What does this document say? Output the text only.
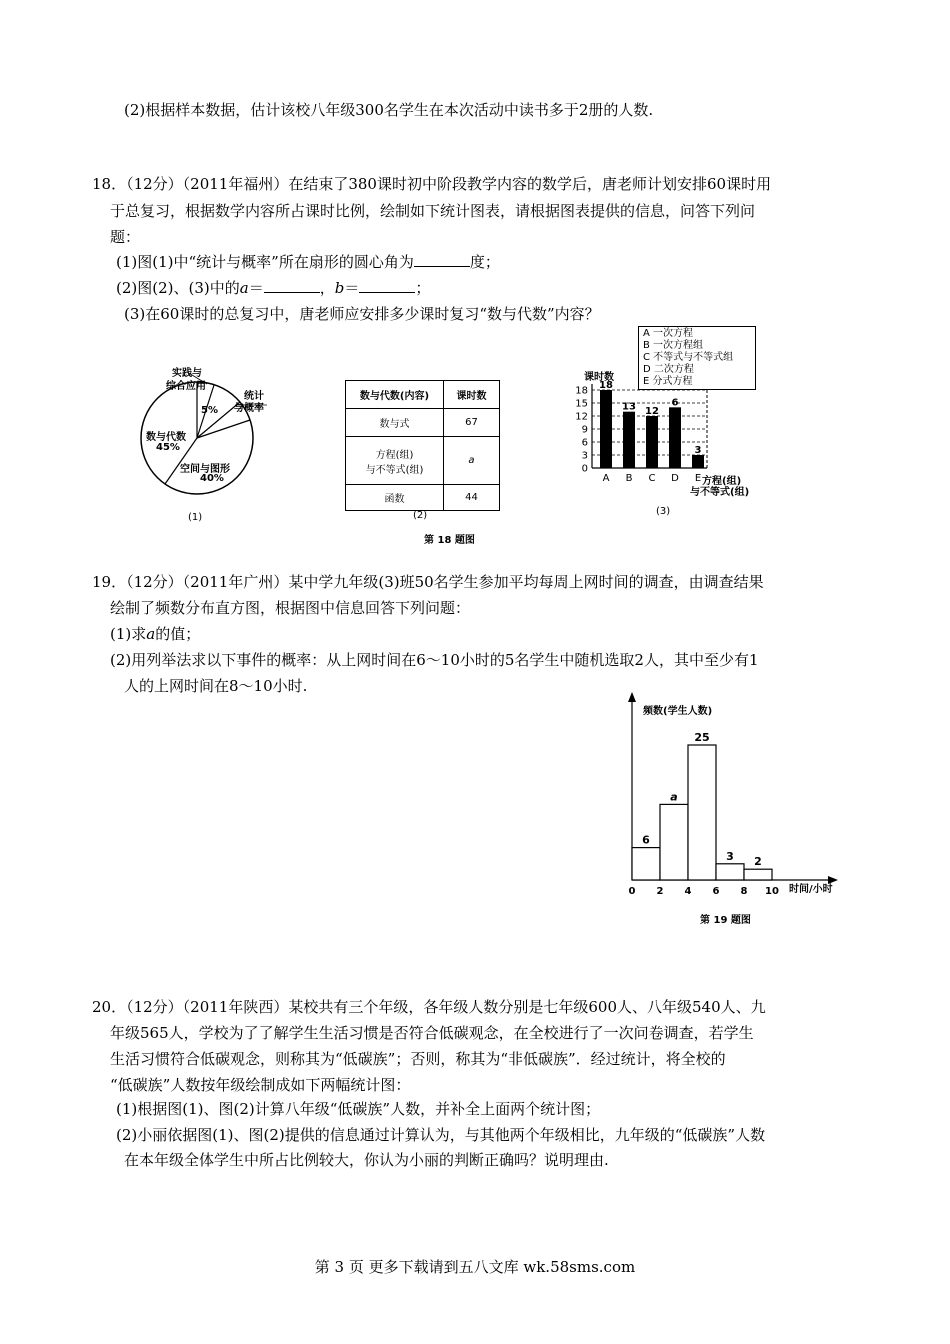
(2)根据样本数据，估计该校八年级300名学生在本次活动中读书多于2册的人数.
18．（12分）（2011年福州）在结束了380课时初中阶段教学内容的数学后，唐老师计划安排60课时用
于总复习，根据数学内容所占课时比例，绘制如下统计图表，请根据图表提供的信息，问答下列问
题：
(1)图(1)中“统计与概率”所在扇形的圆心角为	度；
(2)图(2)、(3)中的a＝	，b＝	；
(3)在60课时的总复习中，唐老师应安排多少课时复习“数与代数”内容？
实践与
综合应用
统计
与概率
5%
数与代数
45%
空间与图形
40%
(1)
数与代数(内容)	课时数
数与式	67

方程(组)
与不等式(组)	a
函数	44
(2)
A 一次方程
B 一次方程组
C 不等式与不等式组
D 二次方程
E 分式方程
课时数
0
3
6
9
12
15
18 18
A
13
B
12
C
6
D
3
E 方程(组)
与不等式(组)
(3)
第 18 题图
19．（12分）（2011年广州）某中学九年级(3)班50名学生参加平均每周上网时间的调查，由调查结果
绘制了频数分布直方图，根据图中信息回答下列问题：
(1)求a的值；
(2)用列举法求以下事件的概率：从上网时间在6～10小时的5名学生中随机选取2人，其中至少有1
人的上网时间在8～10小时.
6
a
25
3 2
0 2 4 6 8 10
频数(学生人数)
时间/小时
第 19 题图
20．（12分）（2011年陕西）某校共有三个年级，各年级人数分别是七年级600人、八年级540人、九
年级565人，学校为了了解学生生活习惯是否符合低碳观念，在全校进行了一次问卷调查，若学生
生活习惯符合低碳观念，则称其为“低碳族”；否则，称其为“非低碳族”．经过统计，将全校的
“低碳族”人数按年级绘制成如下两幅统计图：
(1)根据图(1)、图(2)计算八年级“低碳族”人数，并补全上面两个统计图；
(2)小丽依据图(1)、图(2)提供的信息通过计算认为，与其他两个年级相比，九年级的“低碳族”人数
在本年级全体学生中所占比例较大，你认为小丽的判断正确吗？说明理由.
第 3 页 更多下载请到五八文库 wk.58sms.com
